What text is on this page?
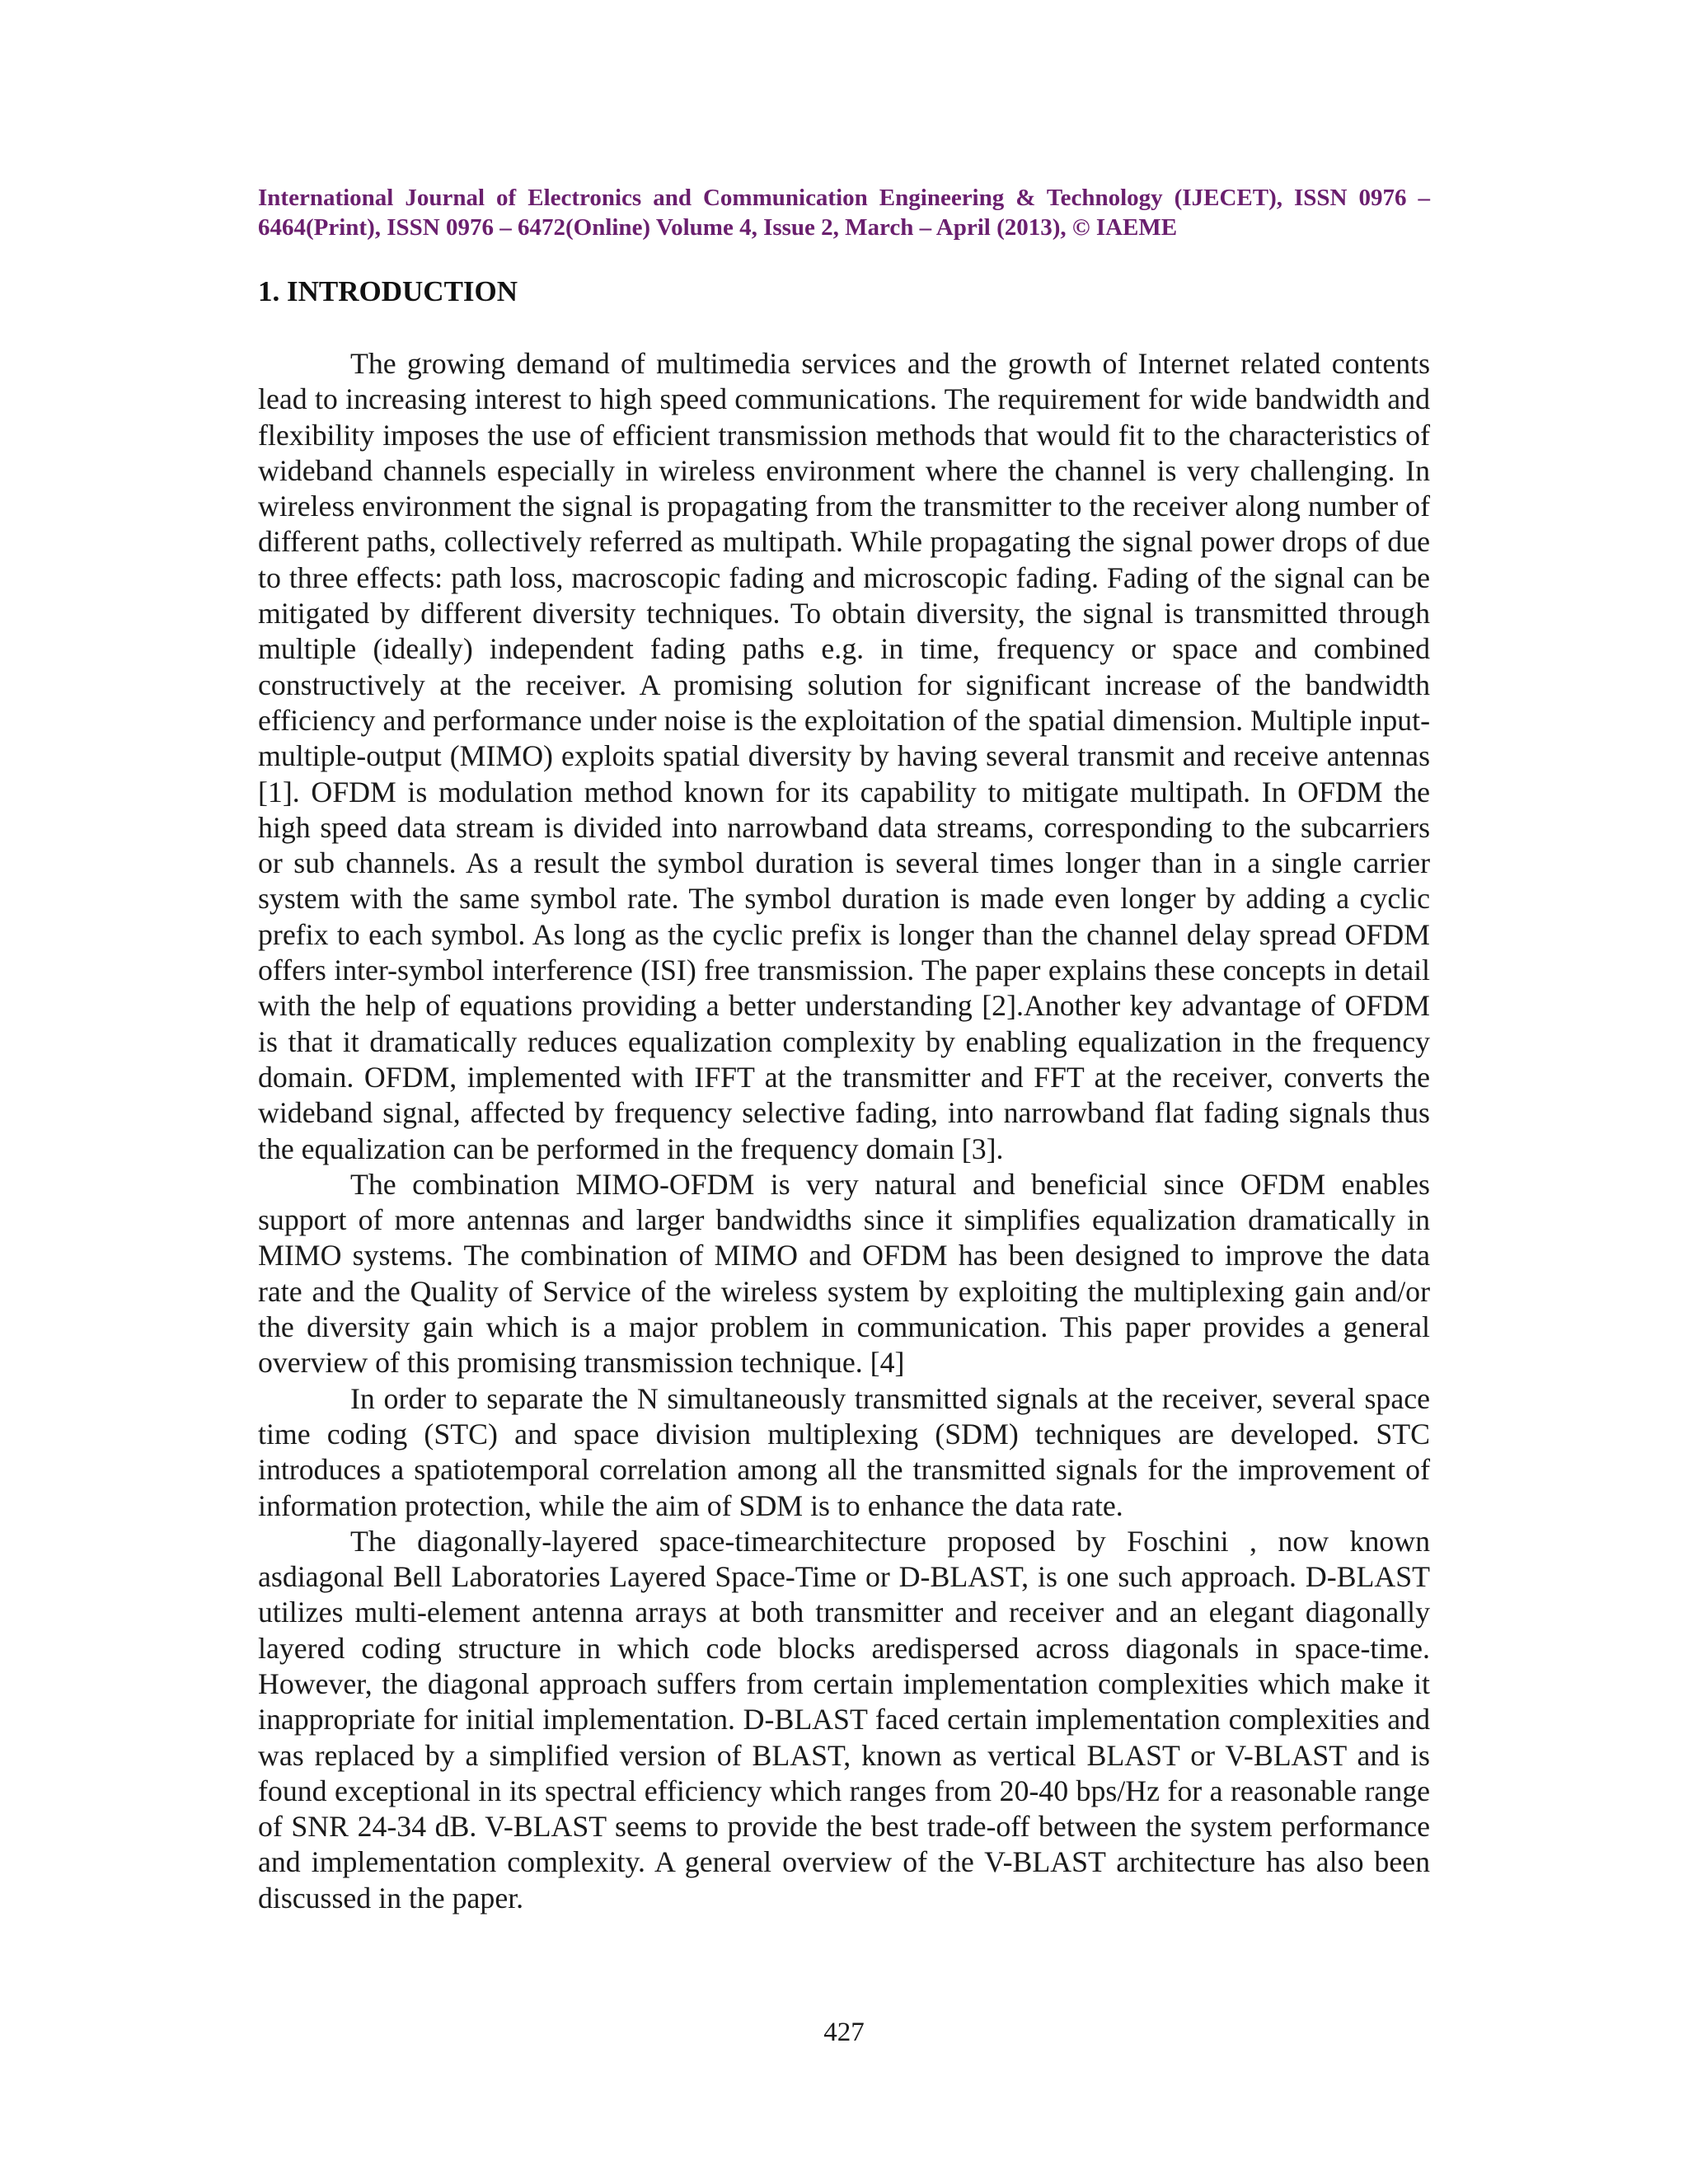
International Journal of Electronics and Communication Engineering & Technology (IJECET), ISSN 0976 – 6464(Print), ISSN 0976 – 6472(Online) Volume 4, Issue 2, March – April (2013), © IAEME
1. INTRODUCTION

The growing demand of multimedia services and the growth of Internet related contents lead to increasing interest to high speed communications. The requirement for wide bandwidth and flexibility imposes the use of efficient transmission methods that would fit to the characteristics of wideband channels especially in wireless environment where the channel is very challenging. In wireless environment the signal is propagating from the transmitter to the receiver along number of different paths, collectively referred as multipath. While propagating the signal power drops of due to three effects: path loss, macroscopic fading and microscopic fading. Fading of the signal can be mitigated by different diversity techniques. To obtain diversity, the signal is transmitted through multiple (ideally) independent fading paths e.g. in time, frequency or space and combined constructively at the receiver. A promising solution for significant increase of the bandwidth efficiency and performance under noise is the exploitation of the spatial dimension. Multiple input-multiple-output (MIMO) exploits spatial diversity by having several transmit and receive antennas [1]. OFDM is modulation method known for its capability to mitigate multipath. In OFDM the high speed data stream is divided into narrowband data streams, corresponding to the subcarriers or sub channels. As a result the symbol duration is several times longer than in a single carrier system with the same symbol rate. The symbol duration is made even longer by adding a cyclic prefix to each symbol. As long as the cyclic prefix is longer than the channel delay spread OFDM offers inter-symbol interference (ISI) free transmission. The paper explains these concepts in detail with the help of equations providing a better understanding [2].Another key advantage of OFDM is that it dramatically reduces equalization complexity by enabling equalization in the frequency domain. OFDM, implemented with IFFT at the transmitter and FFT at the receiver, converts the wideband signal, affected by frequency selective fading, into narrowband flat fading signals thus the equalization can be performed in the frequency domain [3].

The combination MIMO-OFDM is very natural and beneficial since OFDM enables support of more antennas and larger bandwidths since it simplifies equalization dramatically in MIMO systems. The combination of MIMO and OFDM has been designed to improve the data rate and the Quality of Service of the wireless system by exploiting the multiplexing gain and/or the diversity gain which is a major problem in communication. This paper provides a general overview of this promising transmission technique. [4]

In order to separate the N simultaneously transmitted signals at the receiver, several space time coding (STC) and space division multiplexing (SDM) techniques are developed. STC introduces a spatiotemporal correlation among all the transmitted signals for the improvement of information protection, while the aim of SDM is to enhance the data rate.

The diagonally-layered space-timearchitecture proposed by Foschini , now known asdiagonal Bell Laboratories Layered Space-Time or D-BLAST, is one such approach. D-BLAST utilizes multi-element antenna arrays at both transmitter and receiver and an elegant diagonally layered coding structure in which code blocks aredispersed across diagonals in space-time. However, the diagonal approach suffers from certain implementation complexities which make it inappropriate for initial implementation. D-BLAST faced certain implementation complexities and was replaced by a simplified version of BLAST, known as vertical BLAST or V-BLAST and is found exceptional in its spectral efficiency which ranges from 20-40 bps/Hz for a reasonable range of SNR 24-34 dB. V-BLAST seems to provide the best trade-off between the system performance and implementation complexity. A general overview of the V-BLAST architecture has also been discussed in the paper.

427
